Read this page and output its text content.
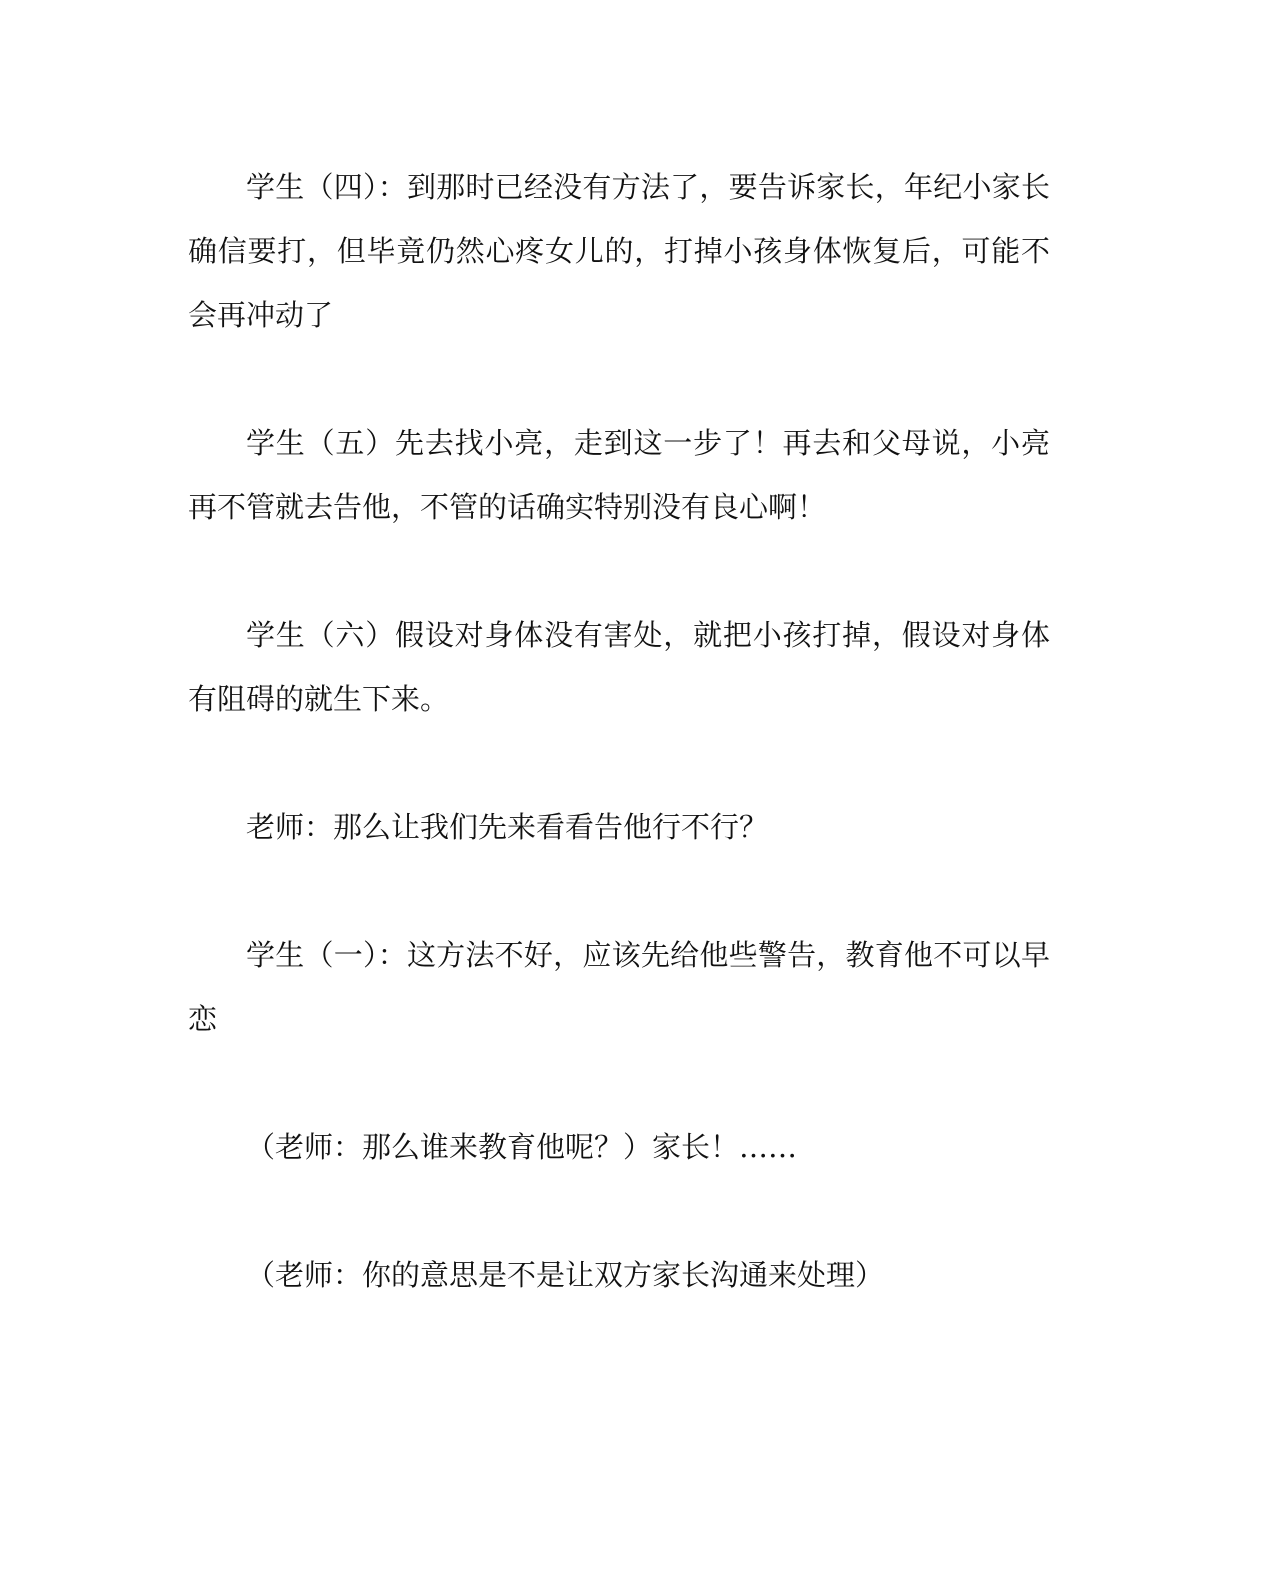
学生（四）：到那时已经没有方法了，要告诉家长，年纪小家长确信要打，但毕竟仍然心疼女儿的，打掉小孩身体恢复后，可能不会再冲动了

学生（五）先去找小亮，走到这一步了！再去和父母说，小亮再不管就去告他，不管的话确实特别没有良心啊！

学生（六）假设对身体没有害处，就把小孩打掉，假设对身体有阻碍的就生下来。

老师：那么让我们先来看看告他行不行？

学生（一）：这方法不好，应该先给他些警告，教育他不可以早恋

（老师：那么谁来教育他呢？）家长！……

（老师：你的意思是不是让双方家长沟通来处理）
